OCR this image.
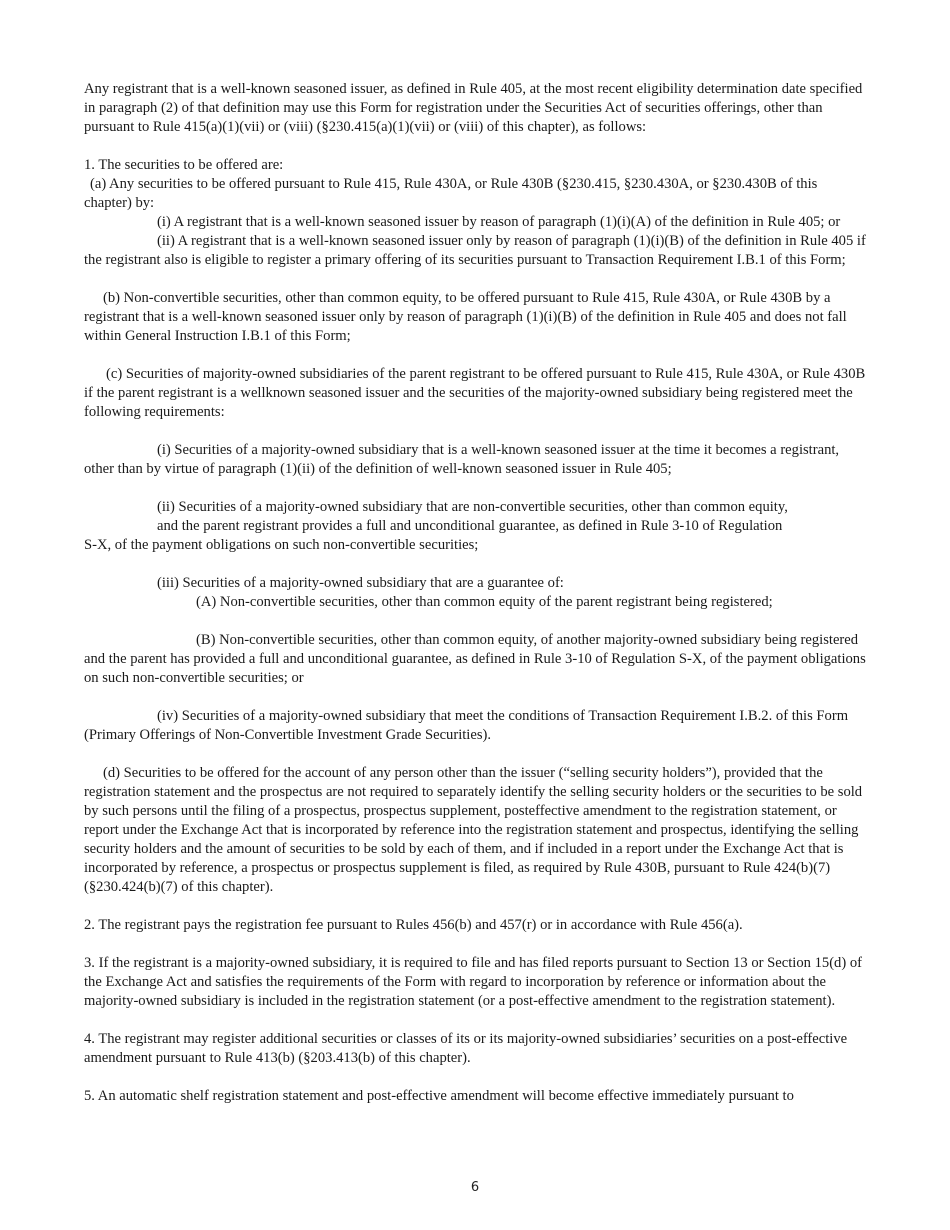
Any registrant that is a well-known seasoned issuer, as defined in Rule 405, at the most recent eligibility determination date specified in paragraph (2) of that definition may use this Form for registration under the Securities Act of securities offerings, other than pursuant to Rule 415(a)(1)(vii) or (viii) (§230.415(a)(1)(vii) or (viii) of this chapter), as follows:

1. The securities to be offered are:

(a) Any securities to be offered pursuant to Rule 415, Rule 430A, or Rule 430B (§230.415, §230.430A, or §230.430B of this chapter) by:

(i) A registrant that is a well-known seasoned issuer by reason of paragraph (1)(i)(A) of the definition in Rule 405; or

(ii) A registrant that is a well-known seasoned issuer only by reason of paragraph (1)(i)(B) of the definition in Rule 405 if the registrant also is eligible to register a primary offering of its securities pursuant to Transaction Requirement I.B.1 of this Form;

(b) Non-convertible securities, other than common equity, to be offered pursuant to Rule 415, Rule 430A, or Rule 430B by a registrant that is a well-known seasoned issuer only by reason of paragraph (1)(i)(B) of the definition in Rule 405 and does not fall within General Instruction I.B.1 of this Form;

(c) Securities of majority-owned subsidiaries of the parent registrant to be offered pursuant to Rule 415, Rule 430A, or Rule 430B if the parent registrant is a wellknown seasoned issuer and the securities of the majority-owned subsidiary being registered meet the following requirements:

(i) Securities of a majority-owned subsidiary that is a well-known seasoned issuer at the time it becomes a registrant, other than by virtue of paragraph (1)(ii) of the definition of well-known seasoned issuer in Rule 405;

(ii) Securities of a majority-owned subsidiary that are non-convertible securities, other than common equity,

and the parent registrant provides a full and unconditional guarantee, as defined in Rule 3-10 of Regulation

S-X, of the payment obligations on such non-convertible securities;

(iii) Securities of a majority-owned subsidiary that are a guarantee of:

(A) Non-convertible securities, other than common equity of the parent registrant being registered;

(B) Non-convertible securities, other than common equity, of another majority-owned subsidiary being registered and the parent has provided a full and unconditional guarantee, as defined in Rule 3-10 of Regulation S-X, of the payment obligations on such non-convertible securities; or

(iv) Securities of a majority-owned subsidiary that meet the conditions of Transaction Requirement I.B.2. of this Form (Primary Offerings of Non-Convertible Investment Grade Securities).

(d) Securities to be offered for the account of any person other than the issuer (“selling security holders”), provided that the registration statement and the prospectus are not required to separately identify the selling security holders or the securities to be sold by such persons until the filing of a prospectus, prospectus supplement, posteffective amendment to the registration statement, or report under the Exchange Act that is incorporated by reference into the registration statement and prospectus, identifying the selling security holders and the amount of securities to be sold by each of them, and if included in a report under the Exchange Act that is incorporated by reference, a prospectus or prospectus supplement is filed, as required by Rule 430B, pursuant to Rule 424(b)(7) (§230.424(b)(7) of this chapter).

2. The registrant pays the registration fee pursuant to Rules 456(b) and 457(r) or in accordance with Rule 456(a).

3. If the registrant is a majority-owned subsidiary, it is required to file and has filed reports pursuant to Section 13 or Section 15(d) of the Exchange Act and satisfies the requirements of the Form with regard to incorporation by reference or information about the majority-owned subsidiary is included in the registration statement (or a post-effective amendment to the registration statement).

4. The registrant may register additional securities or classes of its or its majority-owned subsidiaries’ securities on a post-effective amendment pursuant to Rule 413(b) (§203.413(b) of this chapter).

5. An automatic shelf registration statement and post-effective amendment will become effective immediately pursuant to

6
